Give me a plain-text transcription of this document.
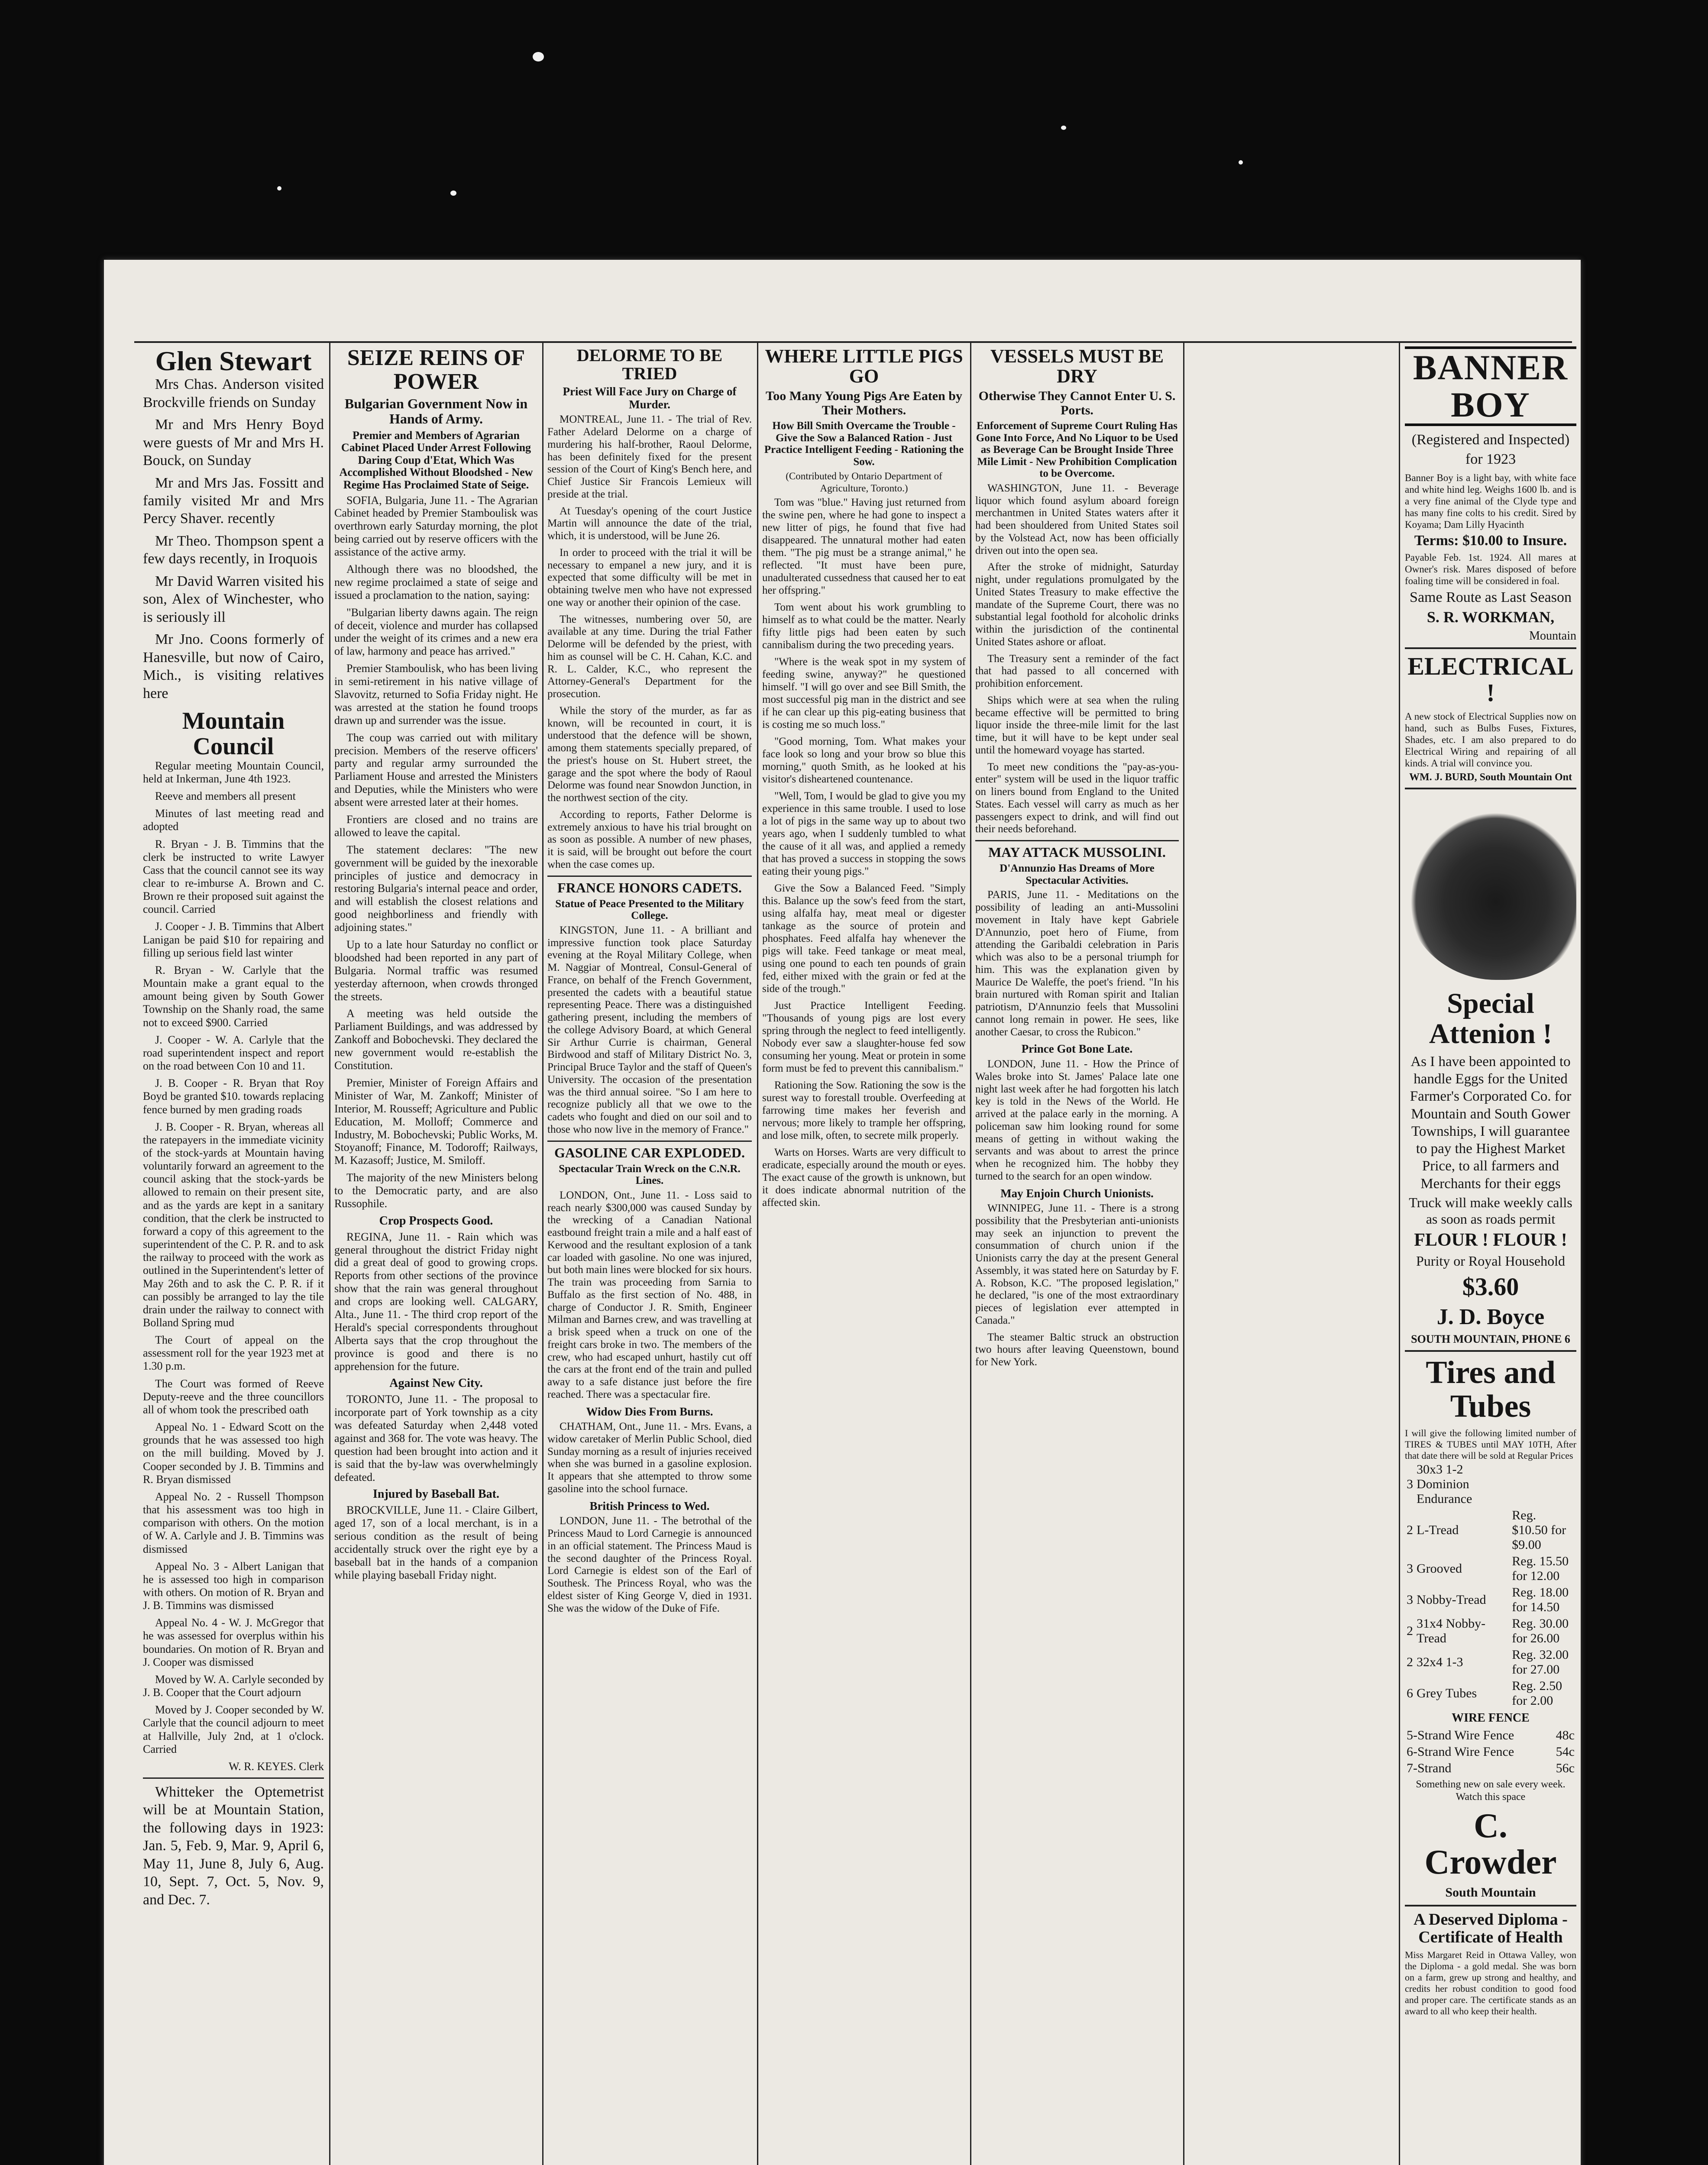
Glen Stewart

Mrs Chas. Anderson visited Brockville friends on Sunday

Mr and Mrs Henry Boyd were guests of Mr and Mrs H. Bouck, on Sunday

Mr and Mrs Jas. Fossitt and family visited Mr and Mrs Percy Shaver. recently

Mr Theo. Thompson spent a few days recently, in Iroquois

Mr David Warren visited his son, Alex of Winchester, who is seriously ill

Mr Jno. Coons formerly of Hanesville, but now of Cairo, Mich., is visiting relatives here

Mountain Council

Regular meeting Mountain Council, held at Inkerman, June 4th 1923.

Reeve and members all present

Minutes of last meeting read and adopted

R. Bryan - J. B. Timmins that the clerk be instructed to write Lawyer Cass that the council cannot see its way clear to re-imburse A. Brown and C. Brown re their proposed suit against the council. Carried

J. Cooper - J. B. Timmins that Albert Lanigan be paid $10 for repairing and filling up serious field last winter

R. Bryan - W. Carlyle that the Mountain make a grant equal to the amount being given by South Gower Township on the Shanly road, the same not to exceed $900. Carried

J. Cooper - W. A. Carlyle that the road superintendent inspect and report on the road between Con 10 and 11.

J. B. Cooper - R. Bryan that Roy Boyd be granted $10. towards replacing fence burned by men grading roads

J. B. Cooper - R. Bryan, whereas all the ratepayers in the immediate vicinity of the stock-yards at Mountain having voluntarily forward an agreement to the council asking that the stock-yards be allowed to remain on their present site, and as the yards are kept in a sanitary condition, that the clerk be instructed to forward a copy of this agreement to the superintendent of the C. P. R. and to ask the railway to proceed with the work as outlined in the Superintendent's letter of May 26th and to ask the C. P. R. if it can possibly be arranged to lay the tile drain under the railway to connect with Bolland Spring mud

The Court of appeal on the assessment roll for the year 1923 met at 1.30 p.m.

The Court was formed of Reeve Deputy-reeve and the three councillors all of whom took the prescribed oath

Appeal No. 1 - Edward Scott on the grounds that he was assessed too high on the mill building. Moved by J. Cooper seconded by J. B. Timmins and R. Bryan dismissed

Appeal No. 2 - Russell Thompson that his assessment was too high in comparison with others. On the motion of W. A. Carlyle and J. B. Timmins was dismissed

Appeal No. 3 - Albert Lanigan that he is assessed too high in comparison with others. On motion of R. Bryan and J. B. Timmins was dismissed

Appeal No. 4 - W. J. McGregor that he was assessed for overplus within his boundaries. On motion of R. Bryan and J. Cooper was dismissed

Moved by W. A. Carlyle seconded by J. B. Cooper that the Court adjourn

Moved by J. Cooper seconded by W. Carlyle that the council adjourn to meet at Hallville, July 2nd, at 1 o'clock. Carried

W. R. KEYES. Clerk

Whitteker the Optemetrist will be at Mountain Station, the following days in 1923: Jan. 5, Feb. 9, Mar. 9, April 6, May 11, June 8, July 6, Aug. 10, Sept. 7, Oct. 5, Nov. 9, and Dec. 7.

SEIZE REINS OF POWER
Bulgarian Government Now in Hands of Army.
Premier and Members of Agrarian Cabinet Placed Under Arrest Following Daring Coup d'Etat, Which Was Accomplished Without Bloodshed - New Regime Has Proclaimed State of Seige.

SOFIA, Bulgaria, June 11. - The Agrarian Cabinet headed by Premier Stamboulisk was overthrown early Saturday morning, the plot being carried out by reserve officers with the assistance of the active army.

Although there was no bloodshed, the new regime proclaimed a state of seige and issued a proclamation to the nation, saying:

"Bulgarian liberty dawns again. The reign of deceit, violence and murder has collapsed under the weight of its crimes and a new era of law, harmony and peace has arrived."

Premier Stamboulisk, who has been living in semi-retirement in his native village of Slavovitz, returned to Sofia Friday night. He was arrested at the station he found troops drawn up and surrender was the issue.

The coup was carried out with military precision. Members of the reserve officers' party and regular army surrounded the Parliament House and arrested the Ministers and Deputies, while the Ministers who were absent were arrested later at their homes.

Frontiers are closed and no trains are allowed to leave the capital.

The statement declares: "The new government will be guided by the inexorable principles of justice and democracy in restoring Bulgaria's internal peace and order, and will establish the closest relations and good neighborliness and friendly with adjoining states."

Up to a late hour Saturday no conflict or bloodshed had been reported in any part of Bulgaria. Normal traffic was resumed yesterday afternoon, when crowds thronged the streets.

A meeting was held outside the Parliament Buildings, and was addressed by Zankoff and Bobochevski. They declared the new government would re-establish the Constitution.

Premier, Minister of Foreign Affairs and Minister of War, M. Zankoff; Minister of Interior, M. Rousseff; Agriculture and Public Education, M. Molloff; Commerce and Industry, M. Bobochevski; Public Works, M. Stoyanoff; Finance, M. Todoroff; Railways, M. Kazasoff; Justice, M. Smiloff.

The majority of the new Ministers belong to the Democratic party, and are also Russophile.

Crop Prospects Good.

REGINA, June 11. - Rain which was general throughout the district Friday night did a great deal of good to growing crops. Reports from other sections of the province show that the rain was general throughout and crops are looking well. CALGARY, Alta., June 11. - The third crop report of the Herald's special correspondents throughout Alberta says that the crop throughout the province is good and there is no apprehension for the future.

Against New City.

TORONTO, June 11. - The proposal to incorporate part of York township as a city was defeated Saturday when 2,448 voted against and 368 for. The vote was heavy. The question had been brought into action and it is said that the by-law was overwhelmingly defeated.

Injured by Baseball Bat.

BROCKVILLE, June 11. - Claire Gilbert, aged 17, son of a local merchant, is in a serious condition as the result of being accidentally struck over the right eye by a baseball bat in the hands of a companion while playing baseball Friday night.

DELORME TO BE TRIED
Priest Will Face Jury on Charge of Murder.

MONTREAL, June 11. - The trial of Rev. Father Adelard Delorme on a charge of murdering his half-brother, Raoul Delorme, has been definitely fixed for the present session of the Court of King's Bench here, and Chief Justice Sir Francois Lemieux will preside at the trial.

At Tuesday's opening of the court Justice Martin will announce the date of the trial, which, it is understood, will be June 26.

In order to proceed with the trial it will be necessary to empanel a new jury, and it is expected that some difficulty will be met in obtaining twelve men who have not expressed one way or another their opinion of the case.

The witnesses, numbering over 50, are available at any time. During the trial Father Delorme will be defended by the priest, with him as counsel will be C. H. Cahan, K.C. and R. L. Calder, K.C., who represent the Attorney-General's Department for the prosecution.

While the story of the murder, as far as known, will be recounted in court, it is understood that the defence will be shown, among them statements specially prepared, of the priest's house on St. Hubert street, the garage and the spot where the body of Raoul Delorme was found near Snowdon Junction, in the northwest section of the city.

According to reports, Father Delorme is extremely anxious to have his trial brought on as soon as possible. A number of new phases, it is said, will be brought out before the court when the case comes up.

FRANCE HONORS CADETS.
Statue of Peace Presented to the Military College.

KINGSTON, June 11. - A brilliant and impressive function took place Saturday evening at the Royal Military College, when M. Naggiar of Montreal, Consul-General of France, on behalf of the French Government, presented the cadets with a beautiful statue representing Peace. There was a distinguished gathering present, including the members of the college Advisory Board, at which General Sir Arthur Currie is chairman, General Birdwood and staff of Military District No. 3, Principal Bruce Taylor and the staff of Queen's University. The occasion of the presentation was the third annual soiree. "So I am here to recognize publicly all that we owe to the cadets who fought and died on our soil and to those who now live in the memory of France."

GASOLINE CAR EXPLODED.
Spectacular Train Wreck on the C.N.R. Lines.

LONDON, Ont., June 11. - Loss said to reach nearly $300,000 was caused Sunday by the wrecking of a Canadian National eastbound freight train a mile and a half east of Kerwood and the resultant explosion of a tank car loaded with gasoline. No one was injured, but both main lines were blocked for six hours. The train was proceeding from Sarnia to Buffalo as the first section of No. 488, in charge of Conductor J. R. Smith, Engineer Milman and Barnes crew, and was travelling at a brisk speed when a truck on one of the freight cars broke in two. The members of the crew, who had escaped unhurt, hastily cut off the cars at the front end of the train and pulled away to a safe distance just before the fire reached. There was a spectacular fire.

Widow Dies From Burns.

CHATHAM, Ont., June 11. - Mrs. Evans, a widow caretaker of Merlin Public School, died Sunday morning as a result of injuries received when she was burned in a gasoline explosion. It appears that she attempted to throw some gasoline into the school furnace.

British Princess to Wed.

LONDON, June 11. - The betrothal of the Princess Maud to Lord Carnegie is announced in an official statement. The Princess Maud is the second daughter of the Princess Royal. Lord Carnegie is eldest son of the Earl of Southesk. The Princess Royal, who was the eldest sister of King George V, died in 1931. She was the widow of the Duke of Fife.

WHERE LITTLE PIGS GO
Too Many Young Pigs Are Eaten by Their Mothers.
How Bill Smith Overcame the Trouble - Give the Sow a Balanced Ration - Just Practice Intelligent Feeding - Rationing the Sow.
(Contributed by Ontario Department of Agriculture, Toronto.)

Tom was "blue." Having just returned from the swine pen, where he had gone to inspect a new litter of pigs, he found that five had disappeared. The unnatural mother had eaten them. "The pig must be a strange animal," he reflected. "It must have been pure, unadulterated cussedness that caused her to eat her offspring."

Tom went about his work grumbling to himself as to what could be the matter. Nearly fifty little pigs had been eaten by such cannibalism during the two preceding years.

"Where is the weak spot in my system of feeding swine, anyway?" he questioned himself. "I will go over and see Bill Smith, the most successful pig man in the district and see if he can clear up this pig-eating business that is costing me so much loss."

"Good morning, Tom. What makes your face look so long and your brow so blue this morning," quoth Smith, as he looked at his visitor's disheartened countenance.

"Well, Tom, I would be glad to give you my experience in this same trouble. I used to lose a lot of pigs in the same way up to about two years ago, when I suddenly tumbled to what the cause of it all was, and applied a remedy that has proved a success in stopping the sows eating their young pigs."

Give the Sow a Balanced Feed. "Simply this. Balance up the sow's feed from the start, using alfalfa hay, meat meal or digester tankage as the source of protein and phosphates. Feed alfalfa hay whenever the pigs will take. Feed tankage or meat meal, using one pound to each ten pounds of grain fed, either mixed with the grain or fed at the side of the trough."

Just Practice Intelligent Feeding. "Thousands of young pigs are lost every spring through the neglect to feed intelligently. Nobody ever saw a slaughter-house fed sow consuming her young. Meat or protein in some form must be fed to prevent this cannibalism."

Rationing the Sow. Rationing the sow is the surest way to forestall trouble. Overfeeding at farrowing time makes her feverish and nervous; more likely to trample her offspring, and lose milk, often, to secrete milk properly.

Warts on Horses. Warts are very difficult to eradicate, especially around the mouth or eyes. The exact cause of the growth is unknown, but it does indicate abnormal nutrition of the affected skin.

VESSELS MUST BE DRY
Otherwise They Cannot Enter U. S. Ports.
Enforcement of Supreme Court Ruling Has Gone Into Force, And No Liquor to be Used as Beverage Can be Brought Inside Three Mile Limit - New Prohibition Complication to be Overcome.

WASHINGTON, June 11. - Beverage liquor which found asylum aboard foreign merchantmen in United States waters after it had been shouldered from United States soil by the Volstead Act, now has been officially driven out into the open sea.

After the stroke of midnight, Saturday night, under regulations promulgated by the United States Treasury to make effective the mandate of the Supreme Court, there was no substantial legal foothold for alcoholic drinks within the jurisdiction of the continental United States ashore or afloat.

The Treasury sent a reminder of the fact that had passed to all concerned with prohibition enforcement.

Ships which were at sea when the ruling became effective will be permitted to bring liquor inside the three-mile limit for the last time, but it will have to be kept under seal until the homeward voyage has started.

To meet new conditions the "pay-as-you-enter" system will be used in the liquor traffic on liners bound from England to the United States. Each vessel will carry as much as her passengers expect to drink, and will find out their needs beforehand.

MAY ATTACK MUSSOLINI.
D'Annunzio Has Dreams of More Spectacular Activities.

PARIS, June 11. - Meditations on the possibility of leading an anti-Mussolini movement in Italy have kept Gabriele D'Annunzio, poet hero of Fiume, from attending the Garibaldi celebration in Paris which was also to be a personal triumph for him. This was the explanation given by Maurice De Waleffe, the poet's friend. "In his brain nurtured with Roman spirit and Italian patriotism, D'Annunzio feels that Mussolini cannot long remain in power. He sees, like another Caesar, to cross the Rubicon."

Prince Got Bone Late.

LONDON, June 11. - How the Prince of Wales broke into St. James' Palace late one night last week after he had forgotten his latch key is told in the News of the World. He arrived at the palace early in the morning. A policeman saw him looking round for some means of getting in without waking the servants and was about to arrest the prince when he recognized him. The hobby they turned to the search for an open window.

May Enjoin Church Unionists.

WINNIPEG, June 11. - There is a strong possibility that the Presbyterian anti-unionists may seek an injunction to prevent the consummation of church union if the Unionists carry the day at the present General Assembly, it was stated here on Saturday by F. A. Robson, K.C. "The proposed legislation," he declared, "is one of the most extraordinary pieces of legislation ever attempted in Canada."

The steamer Baltic struck an obstruction two hours after leaving Queenstown, bound for New York.

BANNER BOY
(Registered and Inspected)
for 1923

Banner Boy is a light bay, with white face and white hind leg. Weighs 1600 lb. and is a very fine animal of the Clyde type and has many fine colts to his credit. Sired by Koyama; Dam Lilly Hyacinth

Terms: $10.00 to Insure.

Payable Feb. 1st. 1924. All mares at Owner's risk. Mares disposed of before foaling time will be considered in foal.

Same Route as Last Season
S. R. WORKMAN,
Mountain
ELECTRICAL !

A new stock of Electrical Supplies now on hand, such as Bulbs Fuses, Fixtures, Shades, etc. I am also prepared to do Electrical Wiring and repairing of all kinds. A trial will convince you.

WM. J. BURD, South Mountain Ont
Special Attenion !

As I have been appointed to handle Eggs for the United Farmer's Corporated Co. for Mountain and South Gower Townships, I will guarantee to pay the Highest Market Price, to all farmers and Merchants for their eggs

Truck will make weekly calls as soon as roads permit
FLOUR ! FLOUR !
Purity or Royal Household
$3.60
J. D. Boyce
SOUTH MOUNTAIN, PHONE 6
Tires and Tubes

I will give the following limited number of TIRES & TUBES until MAY 10TH, After that date there will be sold at Regular Prices

3	30x3 1-2 Dominion Endurance	
2	L-Tread	Reg. $10.50 for $9.00
3	Grooved	Reg. 15.50 for 12.00
3	Nobby-Tread	Reg. 18.00 for 14.50
2	31x4 Nobby-Tread	Reg. 30.00 for 26.00
2	32x4 1-3	Reg. 32.00 for 27.00
6	Grey Tubes	Reg. 2.50 for 2.00
WIRE FENCE
5-Strand Wire Fence	48c
6-Strand Wire Fence	54c
7-Strand	56c
Something new on sale every week. Watch this space
C. Crowder
South Mountain
A Deserved Diploma - Certificate of Health

Miss Margaret Reid in Ottawa Valley, won the Diploma - a gold medal. She was born on a farm, grew up strong and healthy, and credits her robust condition to good food and proper care. The certificate stands as an award to all who keep their health.
